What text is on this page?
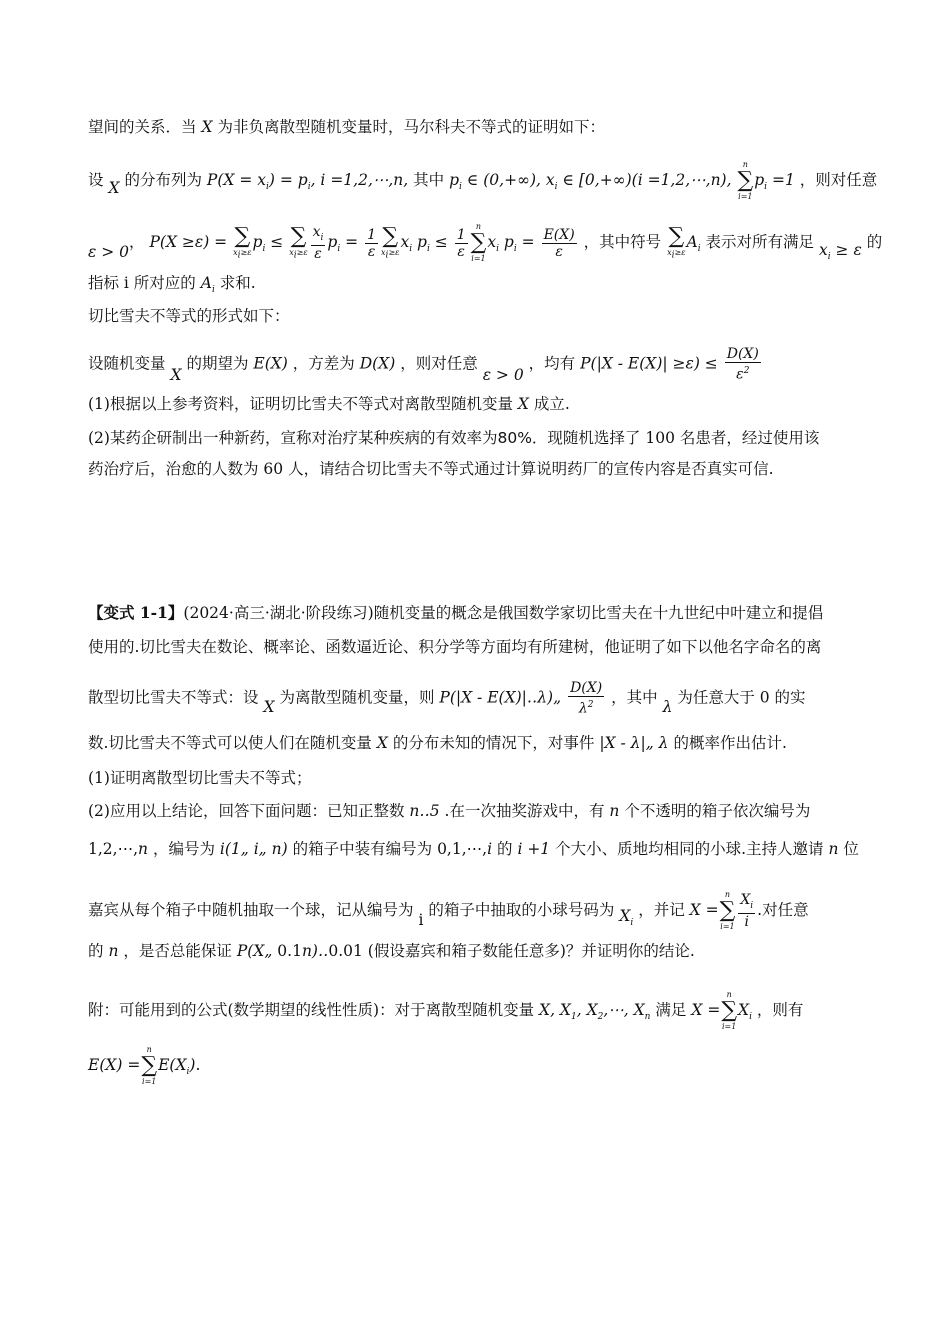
望间的关系．当 X 为非负离散型随机变量时，马尔科夫不等式的证明如下：
设 X 的分布列为 $P(X = x_i) = p_i$, i =1,2,⋯,n, 其中 $p_i$ ∈ (0,+∞), $x_i$ ∈ [0,+∞)(i =1,2,⋯,n),
n
∑
i=1
$p_i =1$ ，则对任意
ε > 0， P(X ≥ε) = ∑
$x_i\ge\varepsilon$
$p_i$ ≤ ∑
$x_i\ge\varepsilon \frac{x_i}{\varepsilon} p_i = \frac{1}{\varepsilon}$ ∑
$x_i\ge\varepsilon$
$x_i$ $p_i \le \frac{1}{\varepsilon}$ n
∑
i=1
$x_i$ $p_i = \frac{E(X)}{\varepsilon}$ ，其中符号 ∑
$x_i\ge\varepsilon$
$A_i$ 表示对所有满足 $x_i \ge \varepsilon$ 的
指标 i 所对应的 $A_i$ 求和.
切比雪夫不等式的形式如下：
设随机变量 X 的期望为 E(X) ，方差为 D(X) ，则对任意 ε > 0 ，均有 $P(|X - E(X)| \ge\varepsilon) \le \frac{D(X)}{\varepsilon^2}$
(1)根据以上参考资料，证明切比雪夫不等式对离散型随机变量 X 成立.
(2)某药企研制出一种新药，宣称对治疗某种疾病的有效率为80%．现随机选择了 100 名患者，经过使用该
药治疗后，治愈的人数为 60 人，请结合切比雪夫不等式通过计算说明药厂的宣传内容是否真实可信.
【变式 1-1】(2024·高三·湖北·阶段练习)随机变量的概念是俄国数学家切比雪夫在十九世纪中叶建立和提倡
使用的.切比雪夫在数论、概率论、函数逼近论、积分学等方面均有所建树，他证明了如下以他名字命名的离
散型切比雪夫不等式：设 X 为离散型随机变量，则 P(|X - E(X)|‥λ)„ $\frac{D(X)}{\lambda^2}$ ，其中 λ 为任意大于 0 的实
数.切比雪夫不等式可以使人们在随机变量 X 的分布未知的情况下，对事件 |X - λ|„ λ 的概率作出估计.
(1)证明离散型切比雪夫不等式；
(2)应用以上结论，回答下面问题：已知正整数 n‥5 .在一次抽奖游戏中，有 n 个不透明的箱子依次编号为
1,2,⋯,n ，编号为 i(1„ i„ n) 的箱子中装有编号为 0,1,⋯,i 的 i +1 个大小、质地均相同的小球.主持人邀请 n 位
嘉宾从每个箱子中随机抽取一个球，记从编号为 i 的箱子中抽取的小球号码为 $X_i$ ，并记 X =
n
∑
$i=1 \frac{X_i}{i}$ .对任意
的 n ，是否总能保证 P(X„ 0.1n)‥0.01 (假设嘉宾和箱子数能任意多)？并证明你的结论.
附：可能用到的公式(数学期望的线性性质)：对于离散型随机变量 X, $X_1$, $X_2,\cdots$, $X_n$ 满足 X =
n
∑
i=1
$X_i$ ，则有
E(X) =
n
∑
i=1
$E(X_i)$.
